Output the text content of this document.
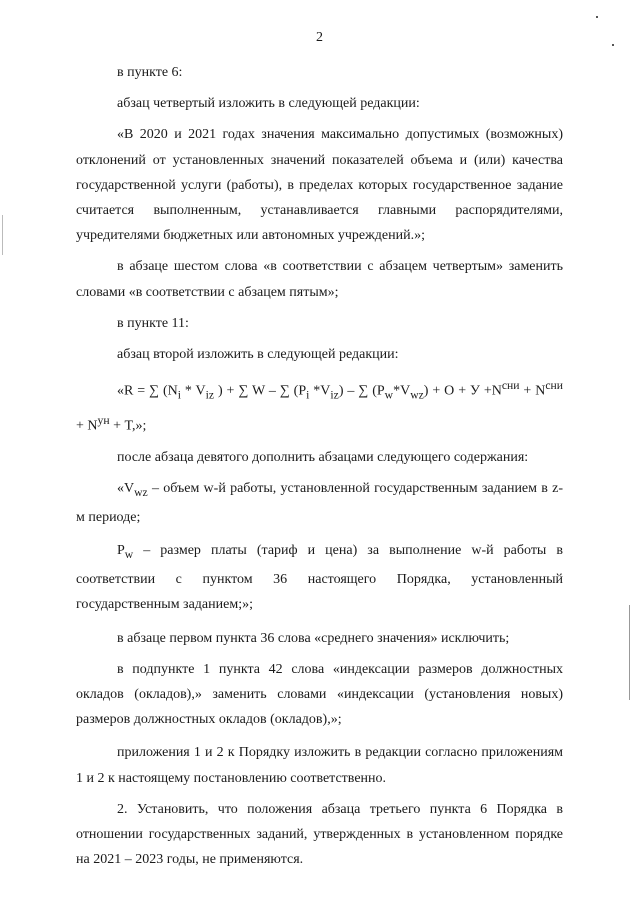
2

в пункте 6:

абзац четвертый изложить в следующей редакции:

«В 2020 и 2021 годах значения максимально допустимых (возможных) отклонений от установленных значений показателей объема и (или) качества государственной услуги (работы), в пределах которых государственное задание считается выполненным, устанавливается главными распорядителями, учредителями бюджетных или автономных учреждений.»;

в абзаце шестом слова «в соответствии с абзацем четвертым» заменить словами «в соответствии с абзацем пятым»;

в пункте 11:

абзац второй изложить в следующей редакции:

«R = ∑ ($N_i * V_{iz}$ ) + ∑ W – ∑ ($P_i$ $*V_{iz}$) – ∑ $(P_w*V_{wz}) + О + У +N^{сни} + N^{сни} + N^{ун} + T$,»;

после абзаца девятого дополнить абзацами следующего содержания:

«$V_{wz}$ – объем w-й работы, установленной государственным заданием в z-м периоде;

$P_w$ – размер платы (тариф и цена) за выполнение w-й работы в соответствии с пунктом 36 настоящего Порядка, установленный государственным заданием;»;

в абзаце первом пункта 36 слова «среднего значения» исключить;

в подпункте 1 пункта 42 слова «индексации размеров должностных окладов (окладов),» заменить словами «индексации (установления новых) размеров должностных окладов (окладов),»;

приложения 1 и 2 к Порядку изложить в редакции согласно приложениям 1 и 2 к настоящему постановлению соответственно.

2. Установить, что положения абзаца третьего пункта 6 Порядка в отношении государственных заданий, утвержденных в установленном порядке на 2021 – 2023 годы, не применяются.
